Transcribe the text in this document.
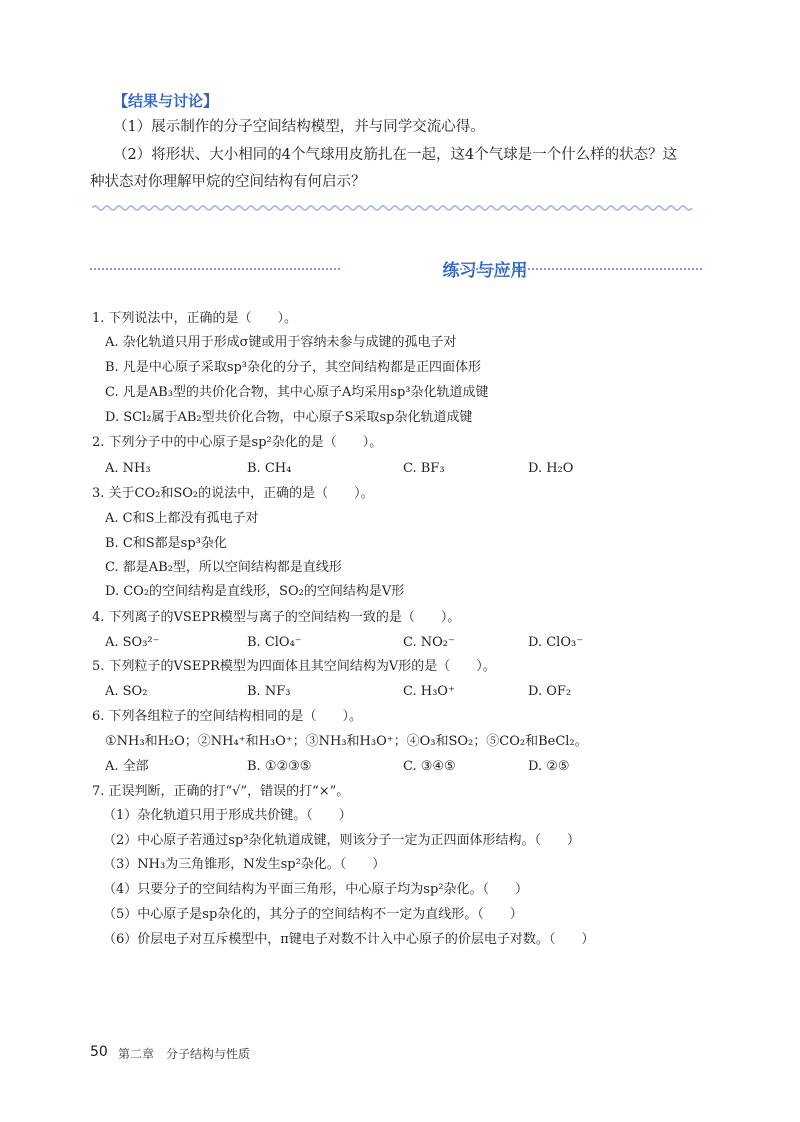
【结果与讨论】
（1）展示制作的分子空间结构模型，并与同学交流心得。
（2）将形状、大小相同的4个气球用皮筋扎在一起，这4个气球是一个什么样的状态？这
种状态对你理解甲烷的空间结构有何启示？
练习与应用
1. 下列说法中，正确的是（　　）。
A. 杂化轨道只用于形成σ键或用于容纳未参与成键的孤电子对
B. 凡是中心原子采取sp³杂化的分子，其空间结构都是正四面体形
C. 凡是AB₃型的共价化合物，其中心原子A均采用sp³杂化轨道成键
D. SCl₂属于AB₂型共价化合物，中心原子S采取sp杂化轨道成键
2. 下列分子中的中心原子是sp²杂化的是（　　）。
A. NH₃	B. CH₄	C. BF₃	D. H₂O
3. 关于CO₂和SO₂的说法中，正确的是（　　）。
A. C和S上都没有孤电子对
B. C和S都是sp³杂化
C. 都是AB₂型，所以空间结构都是直线形
D. CO₂的空间结构是直线形，SO₂的空间结构是V形
4. 下列离子的VSEPR模型与离子的空间结构一致的是（　　）。
A. SO₃²⁻	B. ClO₄⁻	C. NO₂⁻	D. ClO₃⁻
5. 下列粒子的VSEPR模型为四面体且其空间结构为V形的是（　　）。
A. SO₂	B. NF₃	C. H₃O⁺	D. OF₂
6. 下列各组粒子的空间结构相同的是（　　）。
①NH₃和H₂O；②NH₄⁺和H₃O⁺；③NH₃和H₃O⁺；④O₃和SO₂；⑤CO₂和BeCl₂。
A. 全部	B. ①②③⑤	C. ③④⑤	D. ②⑤
7. 正误判断，正确的打“√”，错误的打“×”。
（1）杂化轨道只用于形成共价键。（　　）
（2）中心原子若通过sp³杂化轨道成键，则该分子一定为正四面体形结构。（　　）
（3）NH₃为三角锥形，N发生sp²杂化。（　　）
（4）只要分子的空间结构为平面三角形，中心原子均为sp²杂化。（　　）
（5）中心原子是sp杂化的，其分子的空间结构不一定为直线形。（　　）
（6）价层电子对互斥模型中，π键电子对数不计入中心原子的价层电子对数。（　　）
50 第二章　分子结构与性质
